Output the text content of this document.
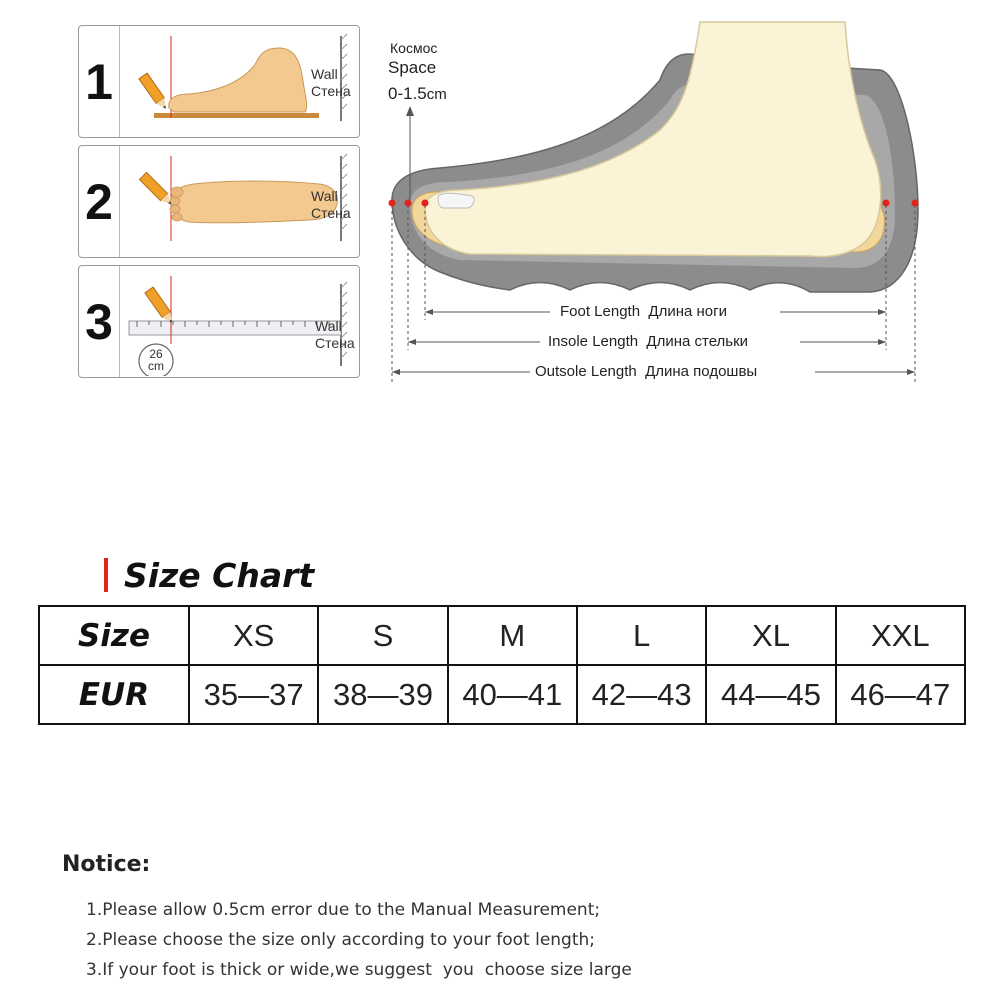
1	Wall
Стена
2	Wall
Стена
3
26
cm
Wall
Стена
Космос
Space
0-1.5cm
Foot Length Длина ноги
Insole Length Длина стельки
Outsole Length Длина подошвы
Size Chart
Size	XS	S	M	L	XL	XXL
EUR	35—37	38—39	40—41	42—43	44—45	46—47
Notice:
1.Please allow 0.5cm error due to the Manual Measurement;
2.Please choose the size only according to your foot length;
3.If your foot is thick or wide,we suggest  you  choose size large
